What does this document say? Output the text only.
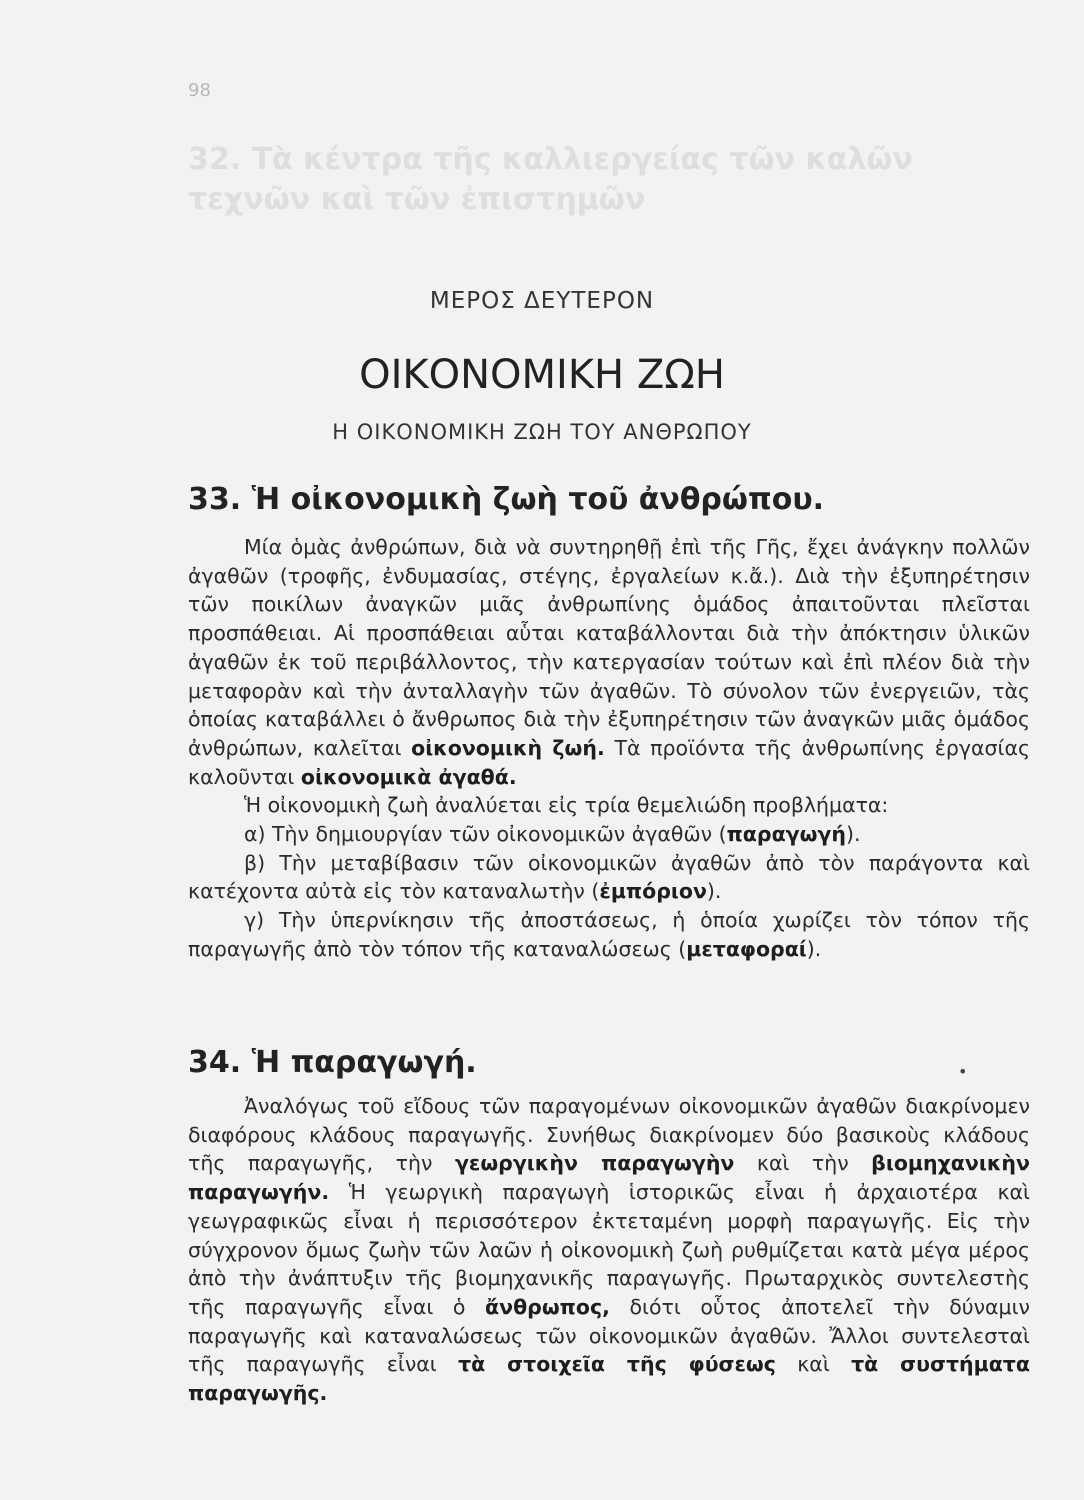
98
32. Τὰ κέντρα τῆς καλλιεργείας τῶν καλῶν τεχνῶν καὶ τῶν ἐπιστημῶν
ΜΕΡΟΣ ΔΕΥΤΕΡΟΝ
ΟΙΚΟΝΟΜΙΚΗ ΖΩΗ
Η ΟΙΚΟΝΟΜΙΚΗ ΖΩΗ ΤΟΥ ΑΝΘΡΩΠΟΥ
33. Ἡ οἰκονομικὴ ζωὴ τοῦ ἀνθρώπου.

Μία ὁμὰς ἀνθρώπων, διὰ νὰ συντηρηθῇ ἐπὶ τῆς Γῆς, ἔχει ἀνάγκην πολλῶν ἀγαθῶν (τροφῆς, ἐνδυμασίας, στέγης, ἐργαλείων κ.ἄ.). Διὰ τὴν ἐξυπηρέτησιν τῶν ποικίλων ἀναγκῶν μιᾶς ἀνθρωπίνης ὁμάδος ἀπαιτοῦνται πλεῖσται προσπάθειαι. Αἱ προσπάθειαι αὗται καταβάλλονται διὰ τὴν ἀπόκτησιν ὑλικῶν ἀγαθῶν ἐκ τοῦ περιβάλλοντος, τὴν κατεργασίαν τούτων καὶ ἐπὶ πλέον διὰ τὴν μεταφορὰν καὶ τὴν ἀνταλλαγὴν τῶν ἀγαθῶν. Τὸ σύνολον τῶν ἐνεργειῶν, τὰς ὁποίας καταβάλλει ὁ ἄνθρωπος διὰ τὴν ἐξυπηρέτησιν τῶν ἀναγκῶν μιᾶς ὁμάδος ἀνθρώπων, καλεῖται οἰκονομικὴ ζωή. Τὰ προϊόντα τῆς ἀνθρωπίνης ἐργασίας καλοῦνται οἰκονομικὰ ἀγαθά.

Ἡ οἰκονομικὴ ζωὴ ἀναλύεται εἰς τρία θεμελιώδη προβλήματα:

α) Τὴν δημιουργίαν τῶν οἰκονομικῶν ἀγαθῶν (παραγωγή).

β) Τὴν μεταβίβασιν τῶν οἰκονομικῶν ἀγαθῶν ἀπὸ τὸν παράγοντα καὶ κατέχοντα αὐτὰ εἰς τὸν καταναλωτὴν (ἐμπόριον).

γ) Τὴν ὑπερνίκησιν τῆς ἀποστάσεως, ἡ ὁποία χωρίζει τὸν τόπον τῆς παραγωγῆς ἀπὸ τὸν τόπον τῆς καταναλώσεως (μεταφοραί).

34. Ἡ παραγωγή.	•

Ἀναλόγως τοῦ εἴδους τῶν παραγομένων οἰκονομικῶν ἀγαθῶν διακρίνομεν διαφόρους κλάδους παραγωγῆς. Συνήθως διακρίνομεν δύο βασικοὺς κλάδους τῆς παραγωγῆς, τὴν γεωργικὴν παραγωγὴν καὶ τὴν βιομηχανικὴν παραγωγήν. Ἡ γεωργικὴ παραγωγὴ ἱστορικῶς εἶναι ἡ ἀρχαιοτέρα καὶ γεωγραφικῶς εἶναι ἡ περισσότερον ἐκτεταμένη μορφὴ παραγωγῆς. Εἰς τὴν σύγχρονον ὅμως ζωὴν τῶν λαῶν ἡ οἰκονομικὴ ζωὴ ρυθμίζεται κατὰ μέγα μέρος ἀπὸ τὴν ἀνάπτυξιν τῆς βιομηχανικῆς παραγωγῆς. Πρωταρχικὸς συντελεστὴς τῆς παραγωγῆς εἶναι ὁ ἄνθρωπος, διότι οὗτος ἀποτελεῖ τὴν δύναμιν παραγωγῆς καὶ καταναλώσεως τῶν οἰκονομικῶν ἀγαθῶν. Ἄλλοι συντελεσταὶ τῆς παραγωγῆς εἶναι τὰ στοιχεῖα τῆς φύσεως καὶ τὰ συστήματα παραγωγῆς.
